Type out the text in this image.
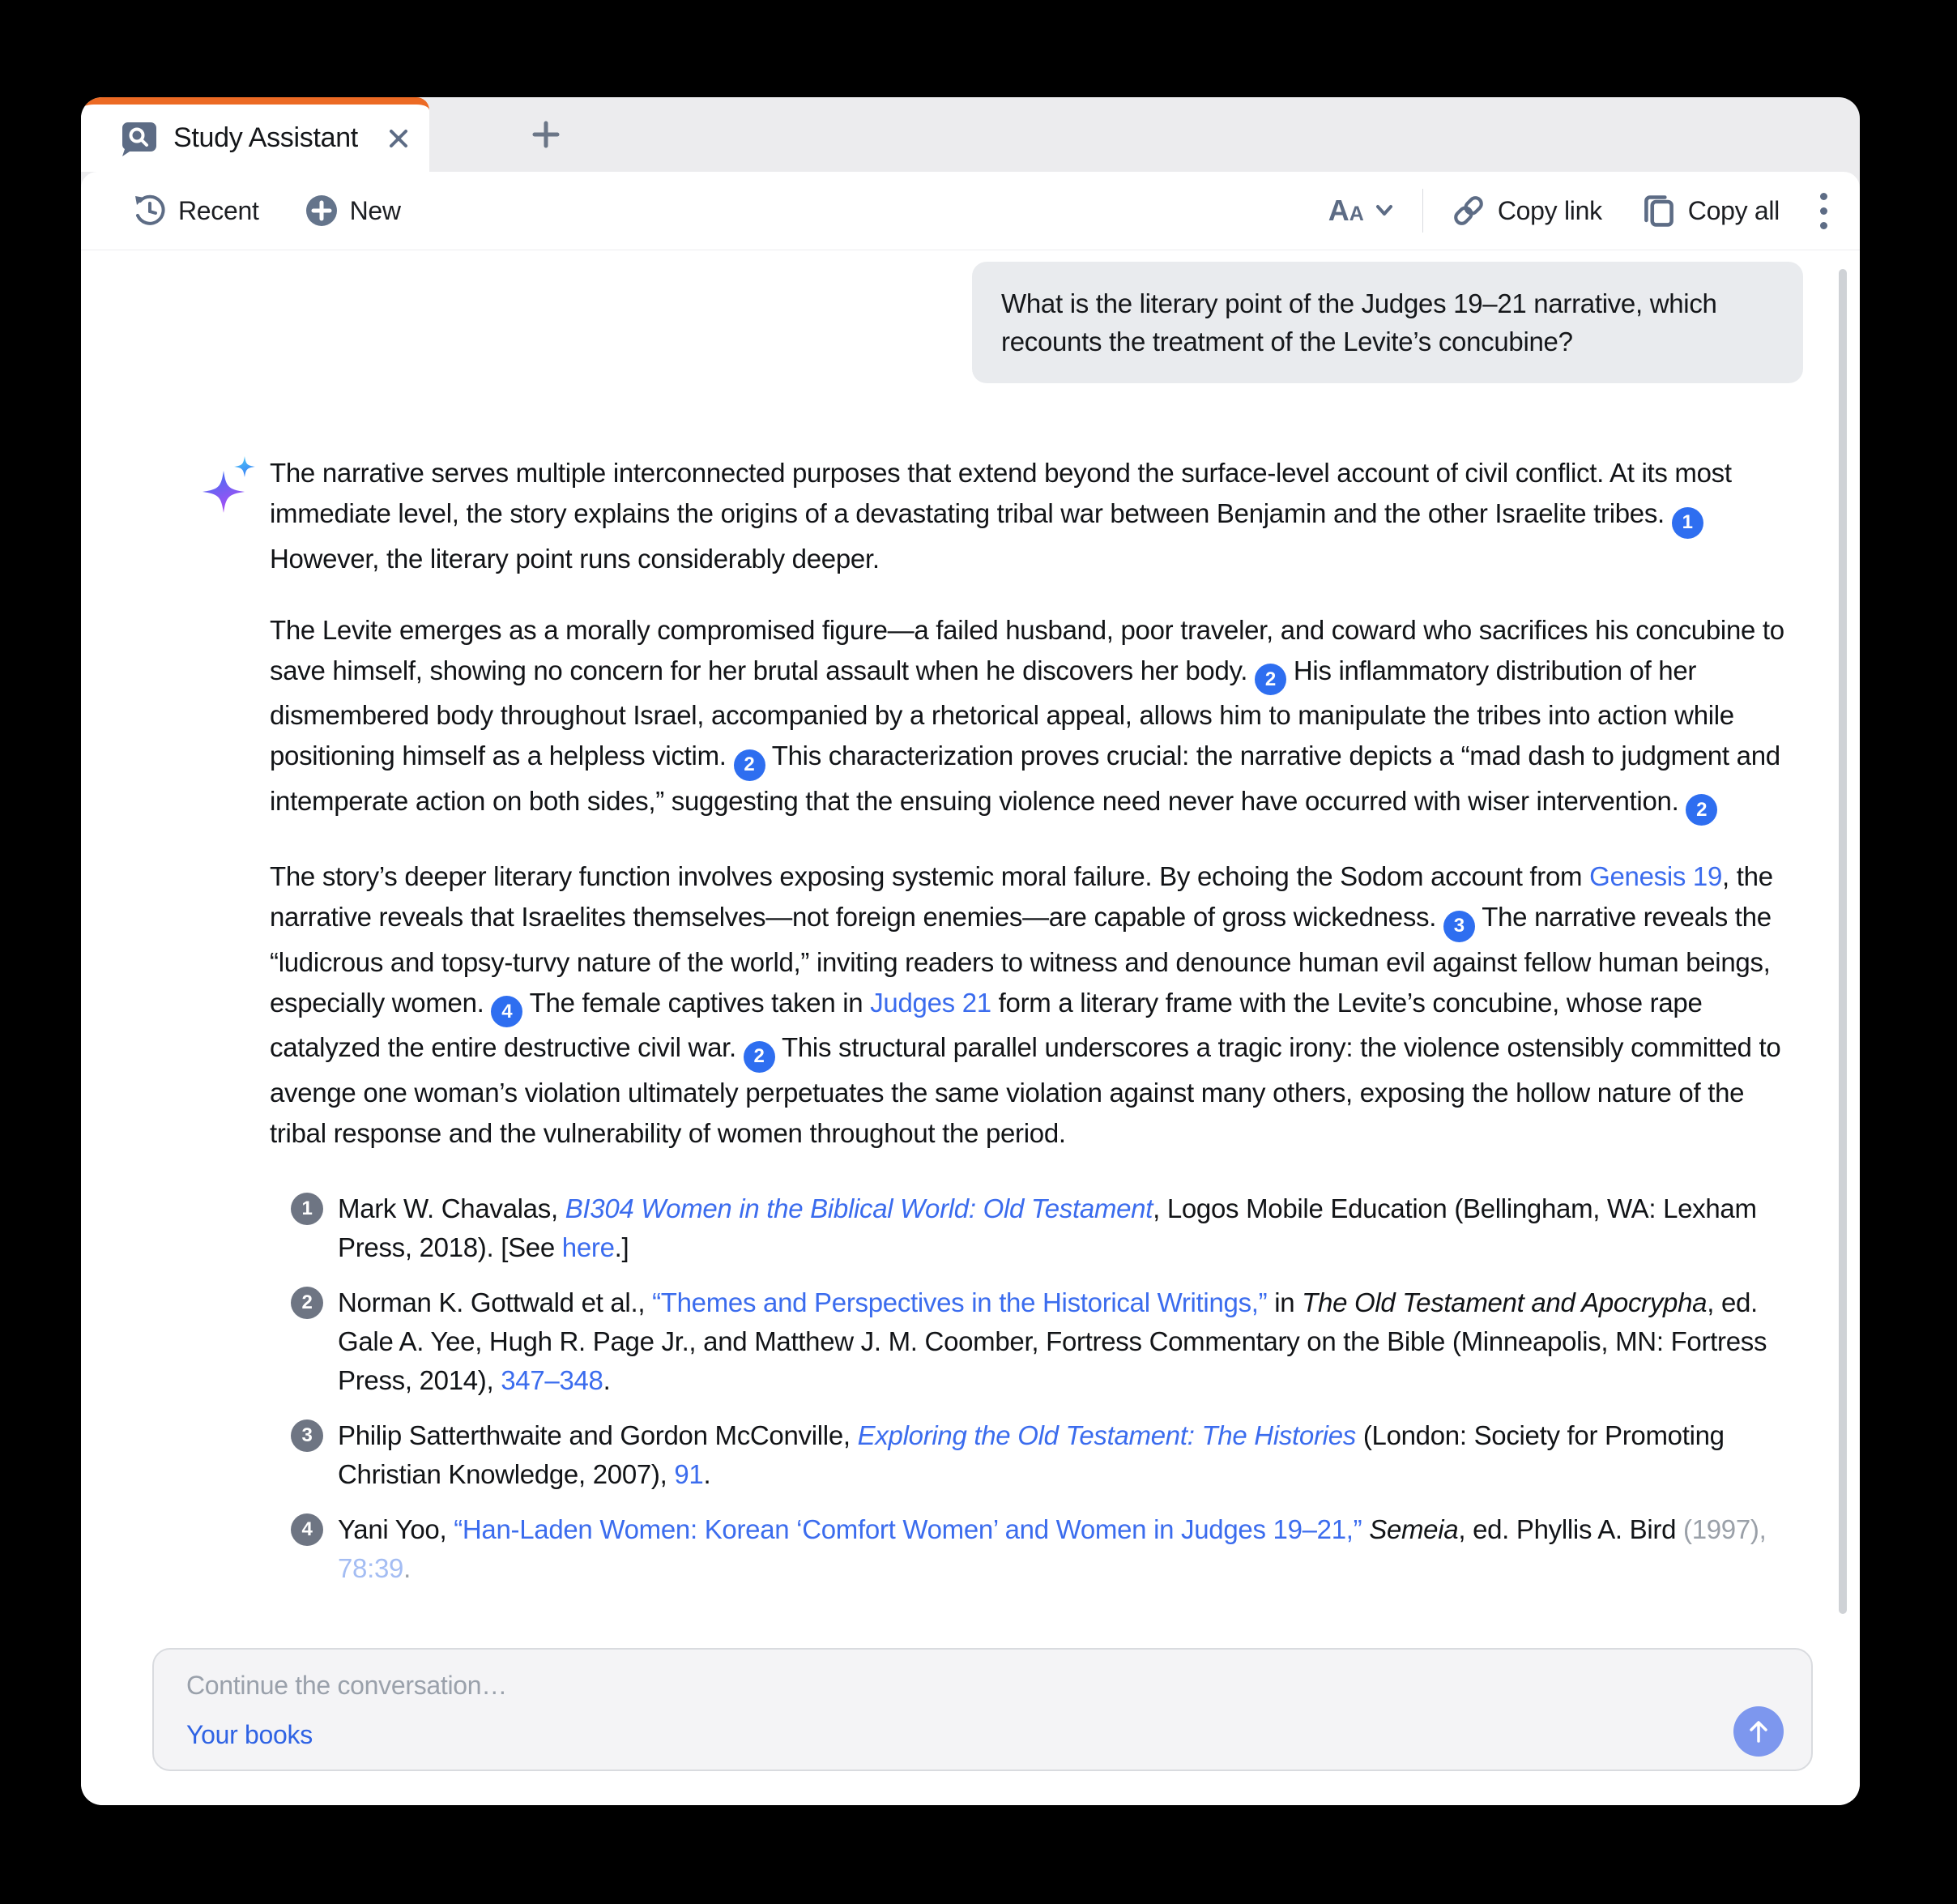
Study Assistant
Recent	New	A A	Copy link	Copy all
What is the literary point of the Judges 19–21 narrative, which recounts the treatment of the Levite’s concubine?

The narrative serves multiple interconnected purposes that extend beyond the surface-level account of civil conflict. At its most immediate level, the story explains the origins of a devastating tribal war between Benjamin and the other Israelite tribes. 1 However, the literary point runs considerably deeper.

The Levite emerges as a morally compromised figure—a failed husband, poor traveler, and coward who sacrifices his concubine to save himself, showing no concern for her brutal assault when he discovers her body. 2 His inflammatory distribution of her dismembered body throughout Israel, accompanied by a rhetorical appeal, allows him to manipulate the tribes into action while positioning himself as a helpless victim. 2 This characterization proves crucial: the narrative depicts a “mad dash to judgment and intemperate action on both sides,” suggesting that the ensuing violence need never have occurred with wiser intervention. 2

The story’s deeper literary function involves exposing systemic moral failure. By echoing the Sodom account from Genesis 19, the narrative reveals that Israelites themselves—not foreign enemies—are capable of gross wickedness. 3 The narrative reveals the “ludicrous and topsy-turvy nature of the world,” inviting readers to witness and denounce human evil against fellow human beings, especially women. 4 The female captives taken in Judges 21 form a literary frame with the Levite’s concubine, whose rape catalyzed the entire destructive civil war. 2 This structural parallel underscores a tragic irony: the violence ostensibly committed to avenge one woman’s violation ultimately perpetuates the same violation against many others, exposing the hollow nature of the tribal response and the vulnerability of women throughout the period.

1 Mark W. Chavalas, BI304 Women in the Biblical World: Old Testament, Logos Mobile Education (Bellingham, WA: Lexham Press, 2018). [See here.]
2 Norman K. Gottwald et al., “Themes and Perspectives in the Historical Writings,” in The Old Testament and Apocrypha, ed. Gale A. Yee, Hugh R. Page Jr., and Matthew J. M. Coomber, Fortress Commentary on the Bible (Minneapolis, MN: Fortress Press, 2014), 347–348.
3 Philip Satterthwaite and Gordon McConville, Exploring the Old Testament: The Histories (London: Society for Promoting Christian Knowledge, 2007), 91.
4 Yani Yoo, “Han-Laden Women: Korean ‘Comfort Women’ and Women in Judges 19–21,” Semeia, ed. Phyllis A. Bird (1997), 78:39.
Continue the conversation…
Your books
